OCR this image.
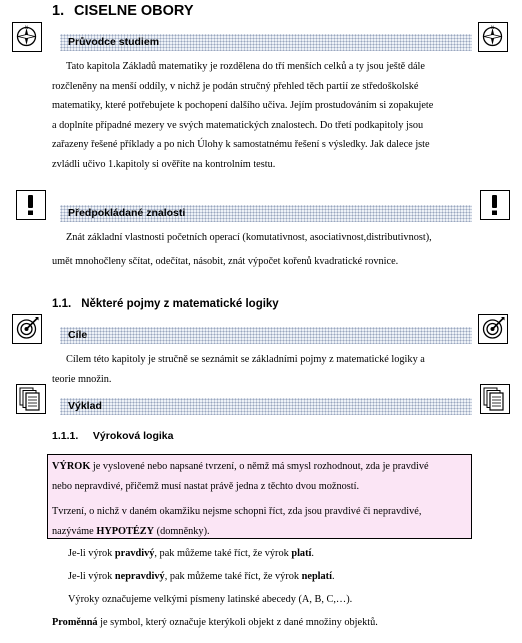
1. CISELNE OBORY
N	N
Průvodce studiem

Tato kapitola Základů matematiky je rozdělena do tří menších celků a ty jsou ještě dále

rozčleněny na menší oddíly, v nichž je podán stručný přehled těch partií ze středoškolské

matematiky, které potřebujete k pochopení dalšího učiva. Jejím prostudováním si zopakujete

a doplníte případné mezery ve svých matematických znalostech. Do třetí podkapitoly jsou

zařazeny řešené příklady a po nich Úlohy k samostatnému řešení s výsledky. Jak dalece jste

zvládli učivo 1.kapitoly si ověříte na kontrolním testu.

Předpokládané znalosti

Znát základní vlastnosti početních operací (komutativnost, asociativnost,distributivnost),

umět mnohočleny sčítat, odečítat, násobit, znát výpočet kořenů kvadratické rovnice.

1.1. Některé pojmy z matematické logiky
Cíle

Cílem této kapitoly je stručně se seznámit se základními pojmy z matematické logiky a

teorie množin.

Výklad
1.1.1. Výroková logika

VÝROK je vyslovené nebo napsané tvrzení, o němž má smysl rozhodnout, zda je pravdivé

nebo nepravdivé, přičemž musí nastat právě jedna z těchto dvou možností.

Tvrzení, o nichž v daném okamžiku nejsme schopni říct, zda jsou pravdivé či nepravdivé,

nazýváme HYPOTÉZY (domněnky).

Je-li výrok pravdivý, pak můžeme také říct, že výrok platí.
Je-li výrok nepravdivý, pak můžeme také říct, že výrok neplatí.
Výroky označujeme velkými písmeny latinské abecedy (A, B, C,…).
Proměnná je symbol, který označuje kterýkoli objekt z dané množiny objektů.
